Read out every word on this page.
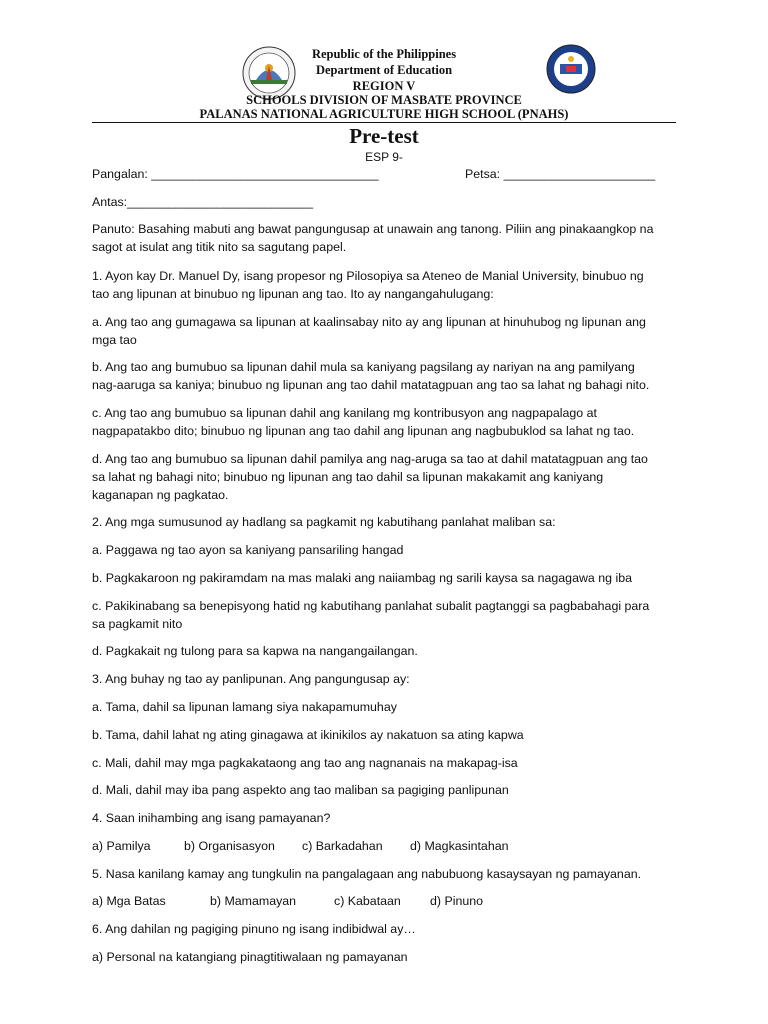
Republic of the Philippines
Department of Education
REGION V
SCHOOLS DIVISION OF MASBATE PROVINCE
PALANAS NATIONAL AGRICULTURE HIGH SCHOOL (PNAHS)
Pre-test
ESP 9-
Pangalan: _________________________________	Petsa: ______________________
Antas:___________________________
Panuto: Basahing mabuti ang bawat pangungusap at unawain ang tanong. Piliin ang pinakaangkop na
sagot at isulat ang titik nito sa sagutang papel.
1. Ayon kay Dr. Manuel Dy, isang propesor ng Pilosopiya sa Ateneo de Manial University, binubuo ng
tao ang lipunan at binubuo ng lipunan ang tao. Ito ay nangangahulugang:
a. Ang tao ang gumagawa sa lipunan at kaalinsabay nito ay ang lipunan at hinuhubog ng lipunan ang
mga tao
b. Ang tao ang bumubuo sa lipunan dahil mula sa kaniyang pagsilang ay nariyan na ang pamilyang
nag-aaruga sa kaniya; binubuo ng lipunan ang tao dahil matatagpuan ang tao sa lahat ng bahagi nito.
c. Ang tao ang bumubuo sa lipunan dahil ang kanilang mg kontribusyon ang nagpapalago at
nagpapatakbo dito; binubuo ng lipunan ang tao dahil ang lipunan ang nagbubuklod sa lahat ng tao.
d. Ang tao ang bumubuo sa lipunan dahil pamilya ang nag-aruga sa tao at dahil matatagpuan ang tao
sa lahat ng bahagi nito; binubuo ng lipunan ang tao dahil sa lipunan makakamit ang kaniyang
kaganapan ng pagkatao.
2. Ang mga sumusunod ay hadlang sa pagkamit ng kabutihang panlahat maliban sa:
a. Paggawa ng tao ayon sa kaniyang pansariling hangad
b. Pagkakaroon ng pakiramdam na mas malaki ang naiiambag ng sarili kaysa sa nagagawa ng iba
c. Pakikinabang sa benepisyong hatid ng kabutihang panlahat subalit pagtanggi sa pagbabahagi para
sa pagkamit nito
d. Pagkakait ng tulong para sa kapwa na nangangailangan.
3. Ang buhay ng tao ay panlipunan. Ang pangungusap ay:
a. Tama, dahil sa lipunan lamang siya nakapamumuhay
b. Tama, dahil lahat ng ating ginagawa at ikinikilos ay nakatuon sa ating kapwa
c. Mali, dahil may mga pagkakataong ang tao ang nagnanais na makapag-isa
d. Mali, dahil may iba pang aspekto ang tao maliban sa pagiging panlipunan
4. Saan inihambing ang isang pamayanan?
5. Nasa kanilang kamay ang tungkulin na pangalagaan ang nabubuong kasaysayan ng pamayanan.
6. Ang dahilan ng pagiging pinuno ng isang indibidwal ay…
a) Personal na katangiang pinagtitiwalaan ng pamayanan
a) Pamilya	b) Organisasyon c) Barkadahan d) Magkasintahan
a) Mga Batas	b) Mamamayan	c) Kabataan d) Pinuno
